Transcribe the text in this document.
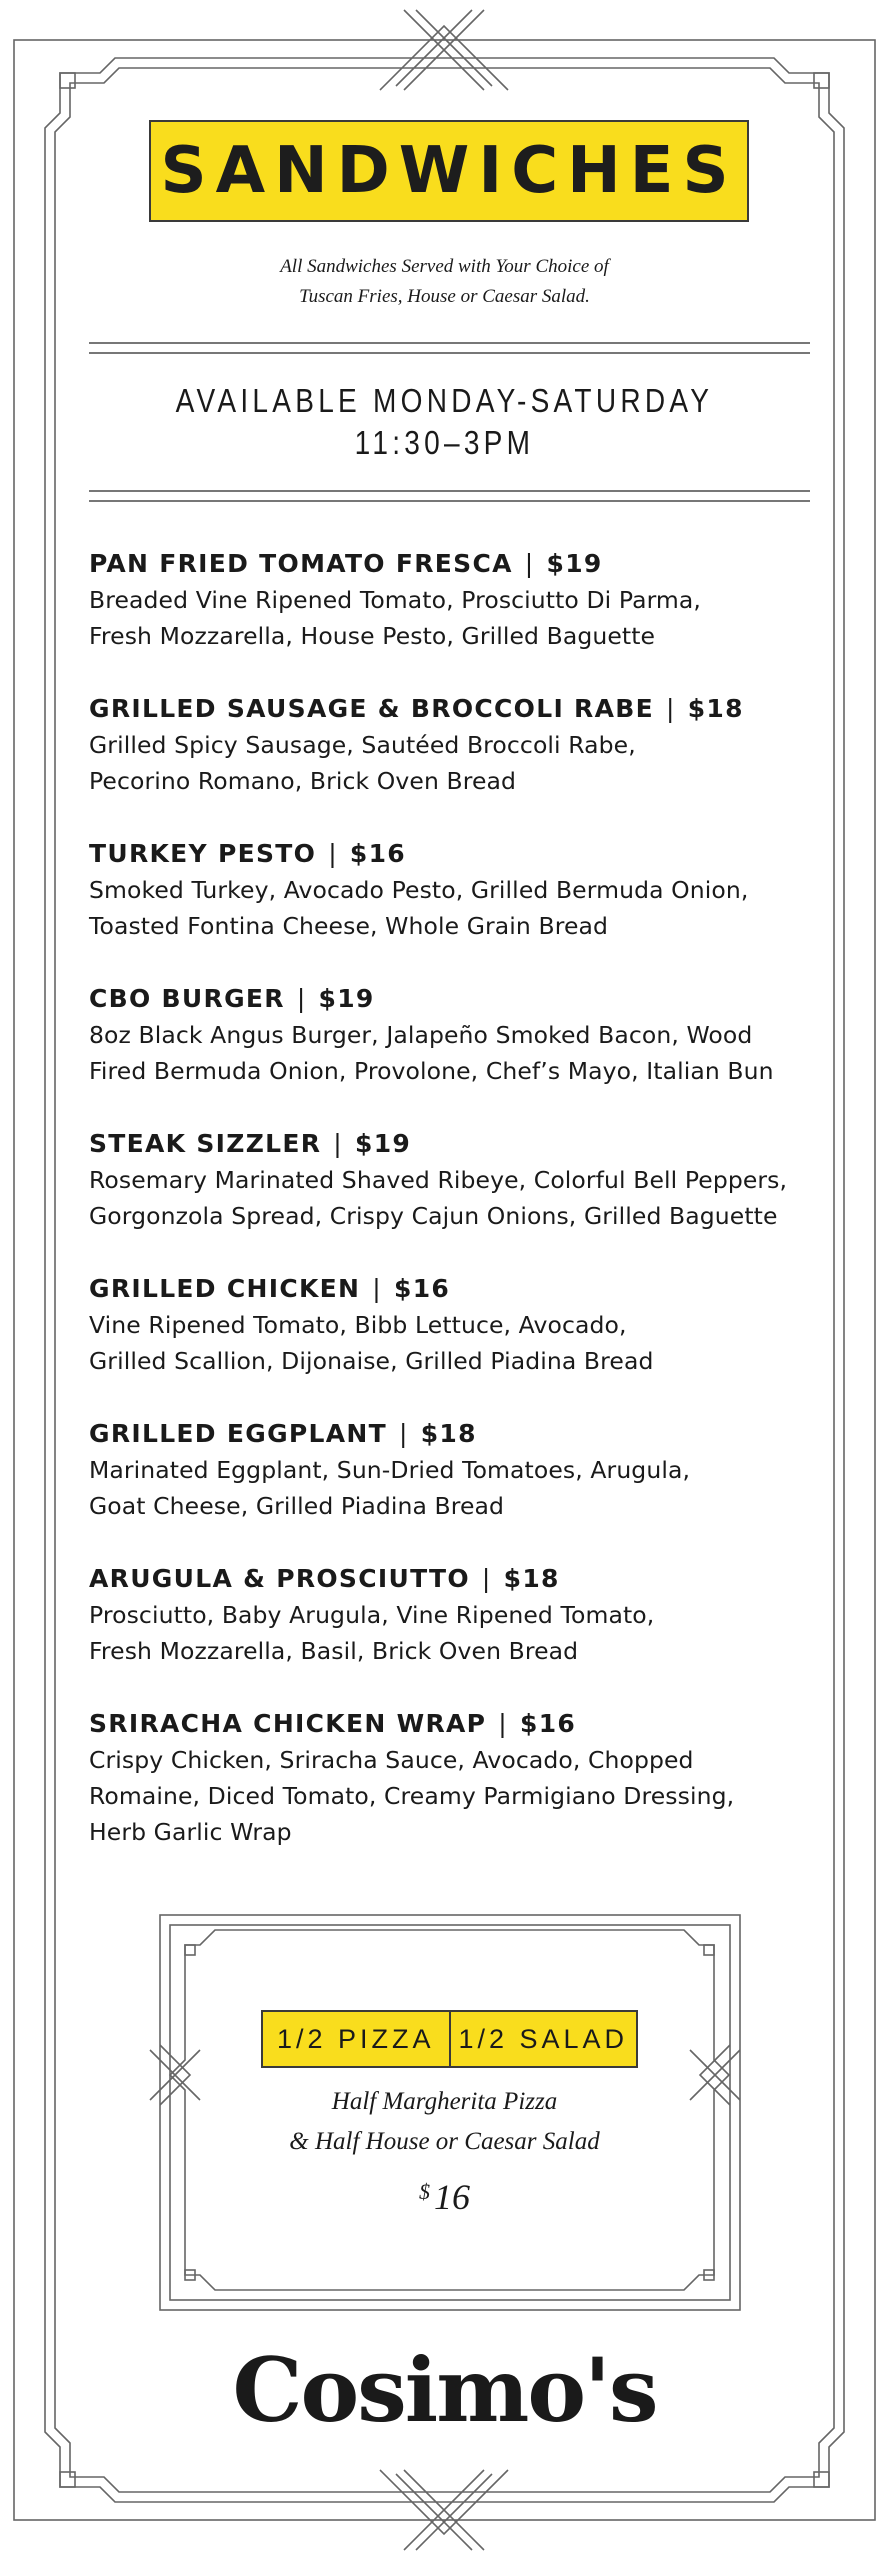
SANDWICHES
All Sandwiches Served with Your Choice of
Tuscan Fries, House or Caesar Salad.
AVAILABLE MONDAY-SATURDAY
11:30–3PM
PAN FRIED TOMATO FRESCA | $19
Breaded Vine Ripened Tomato, Prosciutto Di Parma,
Fresh Mozzarella, House Pesto, Grilled Baguette
GRILLED SAUSAGE & BROCCOLI RABE | $18
Grilled Spicy Sausage, Sautéed Broccoli Rabe,
Pecorino Romano, Brick Oven Bread
TURKEY PESTO | $16
Smoked Turkey, Avocado Pesto, Grilled Bermuda Onion,
Toasted Fontina Cheese, Whole Grain Bread
CBO BURGER | $19
8oz Black Angus Burger, Jalapeño Smoked Bacon, Wood
Fired Bermuda Onion, Provolone, Chef’s Mayo, Italian Bun
STEAK SIZZLER | $19
Rosemary Marinated Shaved Ribeye, Colorful Bell Peppers,
Gorgonzola Spread, Crispy Cajun Onions, Grilled Baguette
GRILLED CHICKEN | $16
Vine Ripened Tomato, Bibb Lettuce, Avocado,
Grilled Scallion, Dijonaise, Grilled Piadina Bread
GRILLED EGGPLANT | $18
Marinated Eggplant, Sun-Dried Tomatoes, Arugula,
Goat Cheese, Grilled Piadina Bread
ARUGULA & PROSCIUTTO | $18
Prosciutto, Baby Arugula, Vine Ripened Tomato,
Fresh Mozzarella, Basil, Brick Oven Bread
SRIRACHA CHICKEN WRAP | $16
Crispy Chicken, Sriracha Sauce, Avocado, Chopped
Romaine, Diced Tomato, Creamy Parmigiano Dressing,
Herb Garlic Wrap
1/2 PIZZA 1/2 SALAD
Half Margherita Pizza
& Half House or Caesar Salad
$ 16
Cosimo's
